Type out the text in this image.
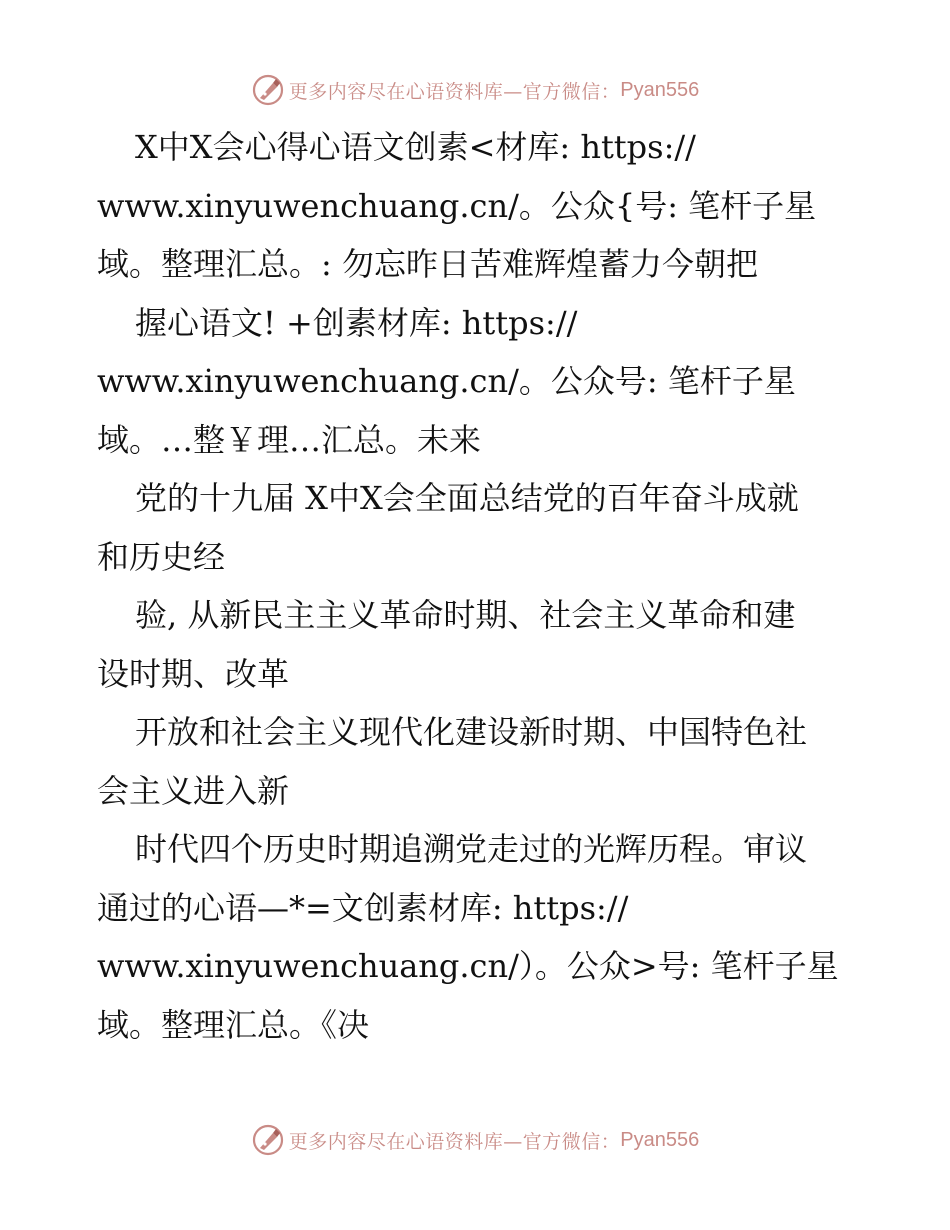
更多内容尽在心语资料库—官方微信： Pyan556
X中X会心得心语文创素<材库: https://
www.xinyuwenchuang.cn/。公众{号: 笔杆子星
域。整理汇总。: 勿忘昨日苦难辉煌蓄力今朝把
握心语文! +创素材库: https://
www.xinyuwenchuang.cn/。公众号: 笔杆子星
域。…整￥理…汇总。未来
党的十九届 X中X会全面总结党的百年奋斗成就
和历史经
验, 从新民主主义革命时期、社会主义革命和建
设时期、改革
开放和社会主义现代化建设新时期、中国特色社
会主义进入新
时代四个历史时期追溯党走过的光辉历程。审议
通过的心语—*=文创素材库: https://
www.xinyuwenchuang.cn/）。公众>号: 笔杆子星
域。整理汇总。《决
更多内容尽在心语资料库—官方微信： Pyan556
